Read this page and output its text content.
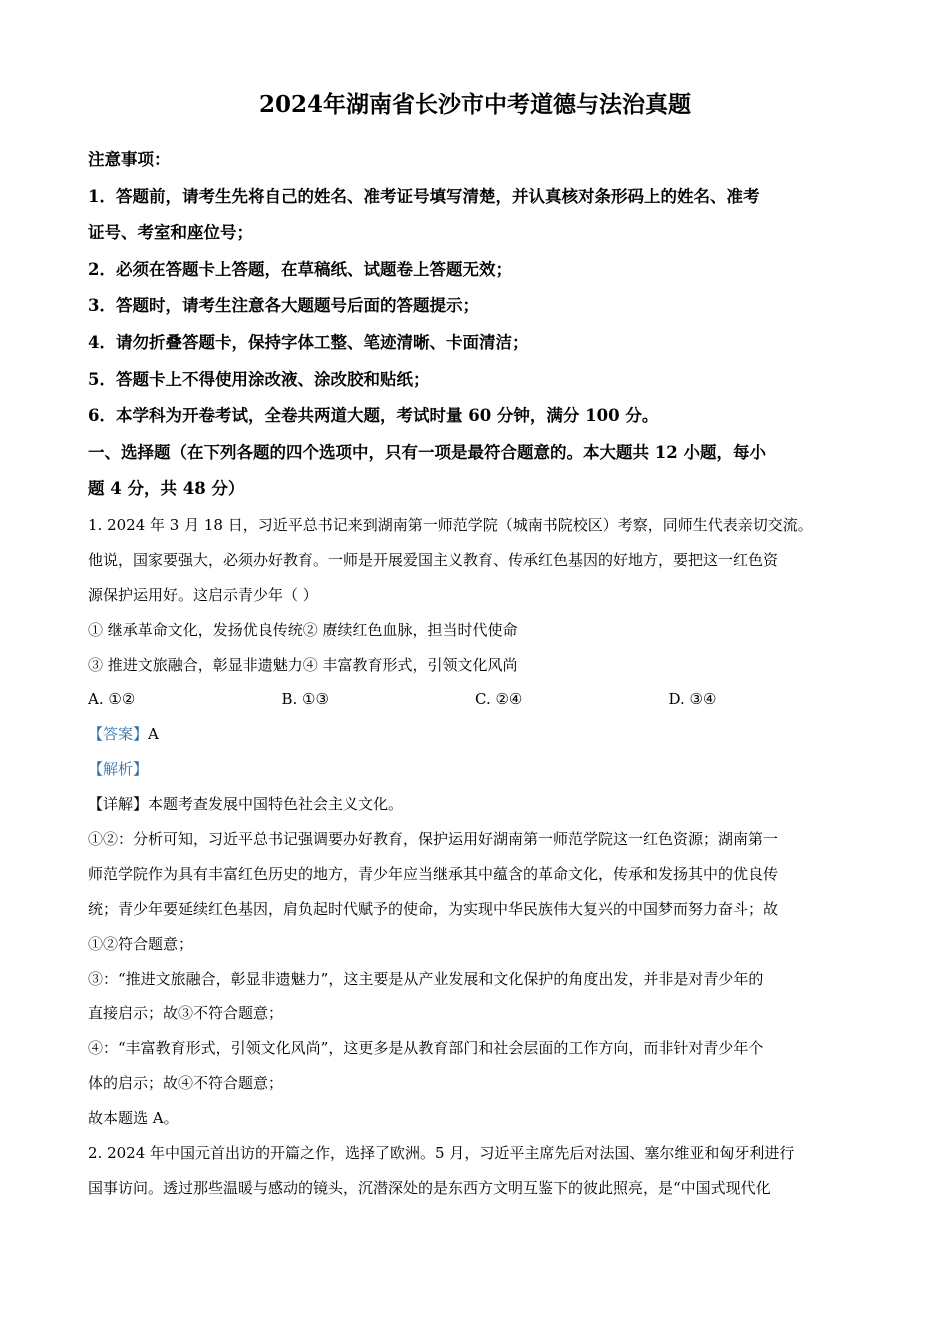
2024年湖南省长沙市中考道德与法治真题
注意事项：
1．答题前，请考生先将自己的姓名、准考证号填写清楚，并认真核对条形码上的姓名、准考
证号、考室和座位号；
2．必须在答题卡上答题，在草稿纸、试题卷上答题无效；
3．答题时，请考生注意各大题题号后面的答题提示；
4．请勿折叠答题卡，保持字体工整、笔迹清晰、卡面清洁；
5．答题卡上不得使用涂改液、涂改胶和贴纸；
6．本学科为开卷考试，全卷共两道大题，考试时量 60 分钟，满分 100 分。
一、选择题（在下列各题的四个选项中，只有一项是最符合题意的。本大题共 12 小题，每小
题 4 分，共 48 分）
1. 2024 年 3 月 18 日，习近平总书记来到湖南第一师范学院（城南书院校区）考察，同师生代表亲切交流。
他说，国家要强大，必须办好教育。一师是开展爱国主义教育、传承红色基因的好地方，要把这一红色资
源保护运用好。这启示青少年（ ）
① 继承革命文化，发扬优良传统② 赓续红色血脉，担当时代使命
③ 推进文旅融合，彰显非遗魅力④ 丰富教育形式，引领文化风尚
A. ①②	B. ①③	C. ②④	D. ③④
【答案】A
【解析】
【详解】本题考查发展中国特色社会主义文化。
①②：分析可知，习近平总书记强调要办好教育，保护运用好湖南第一师范学院这一红色资源；湖南第一
师范学院作为具有丰富红色历史的地方，青少年应当继承其中蕴含的革命文化，传承和发扬其中的优良传
统；青少年要延续红色基因，肩负起时代赋予的使命，为实现中华民族伟大复兴的中国梦而努力奋斗；故
①②符合题意；
③：“推进文旅融合，彰显非遗魅力”，这主要是从产业发展和文化保护的角度出发，并非是对青少年的
直接启示；故③不符合题意；
④：“丰富教育形式，引领文化风尚”，这更多是从教育部门和社会层面的工作方向，而非针对青少年个
体的启示；故④不符合题意；
故本题选 A。
2. 2024 年中国元首出访的开篇之作，选择了欧洲。5 月，习近平主席先后对法国、塞尔维亚和匈牙利进行
国事访问。透过那些温暖与感动的镜头，沉潜深处的是东西方文明互鉴下的彼此照亮，是“中国式现代化
